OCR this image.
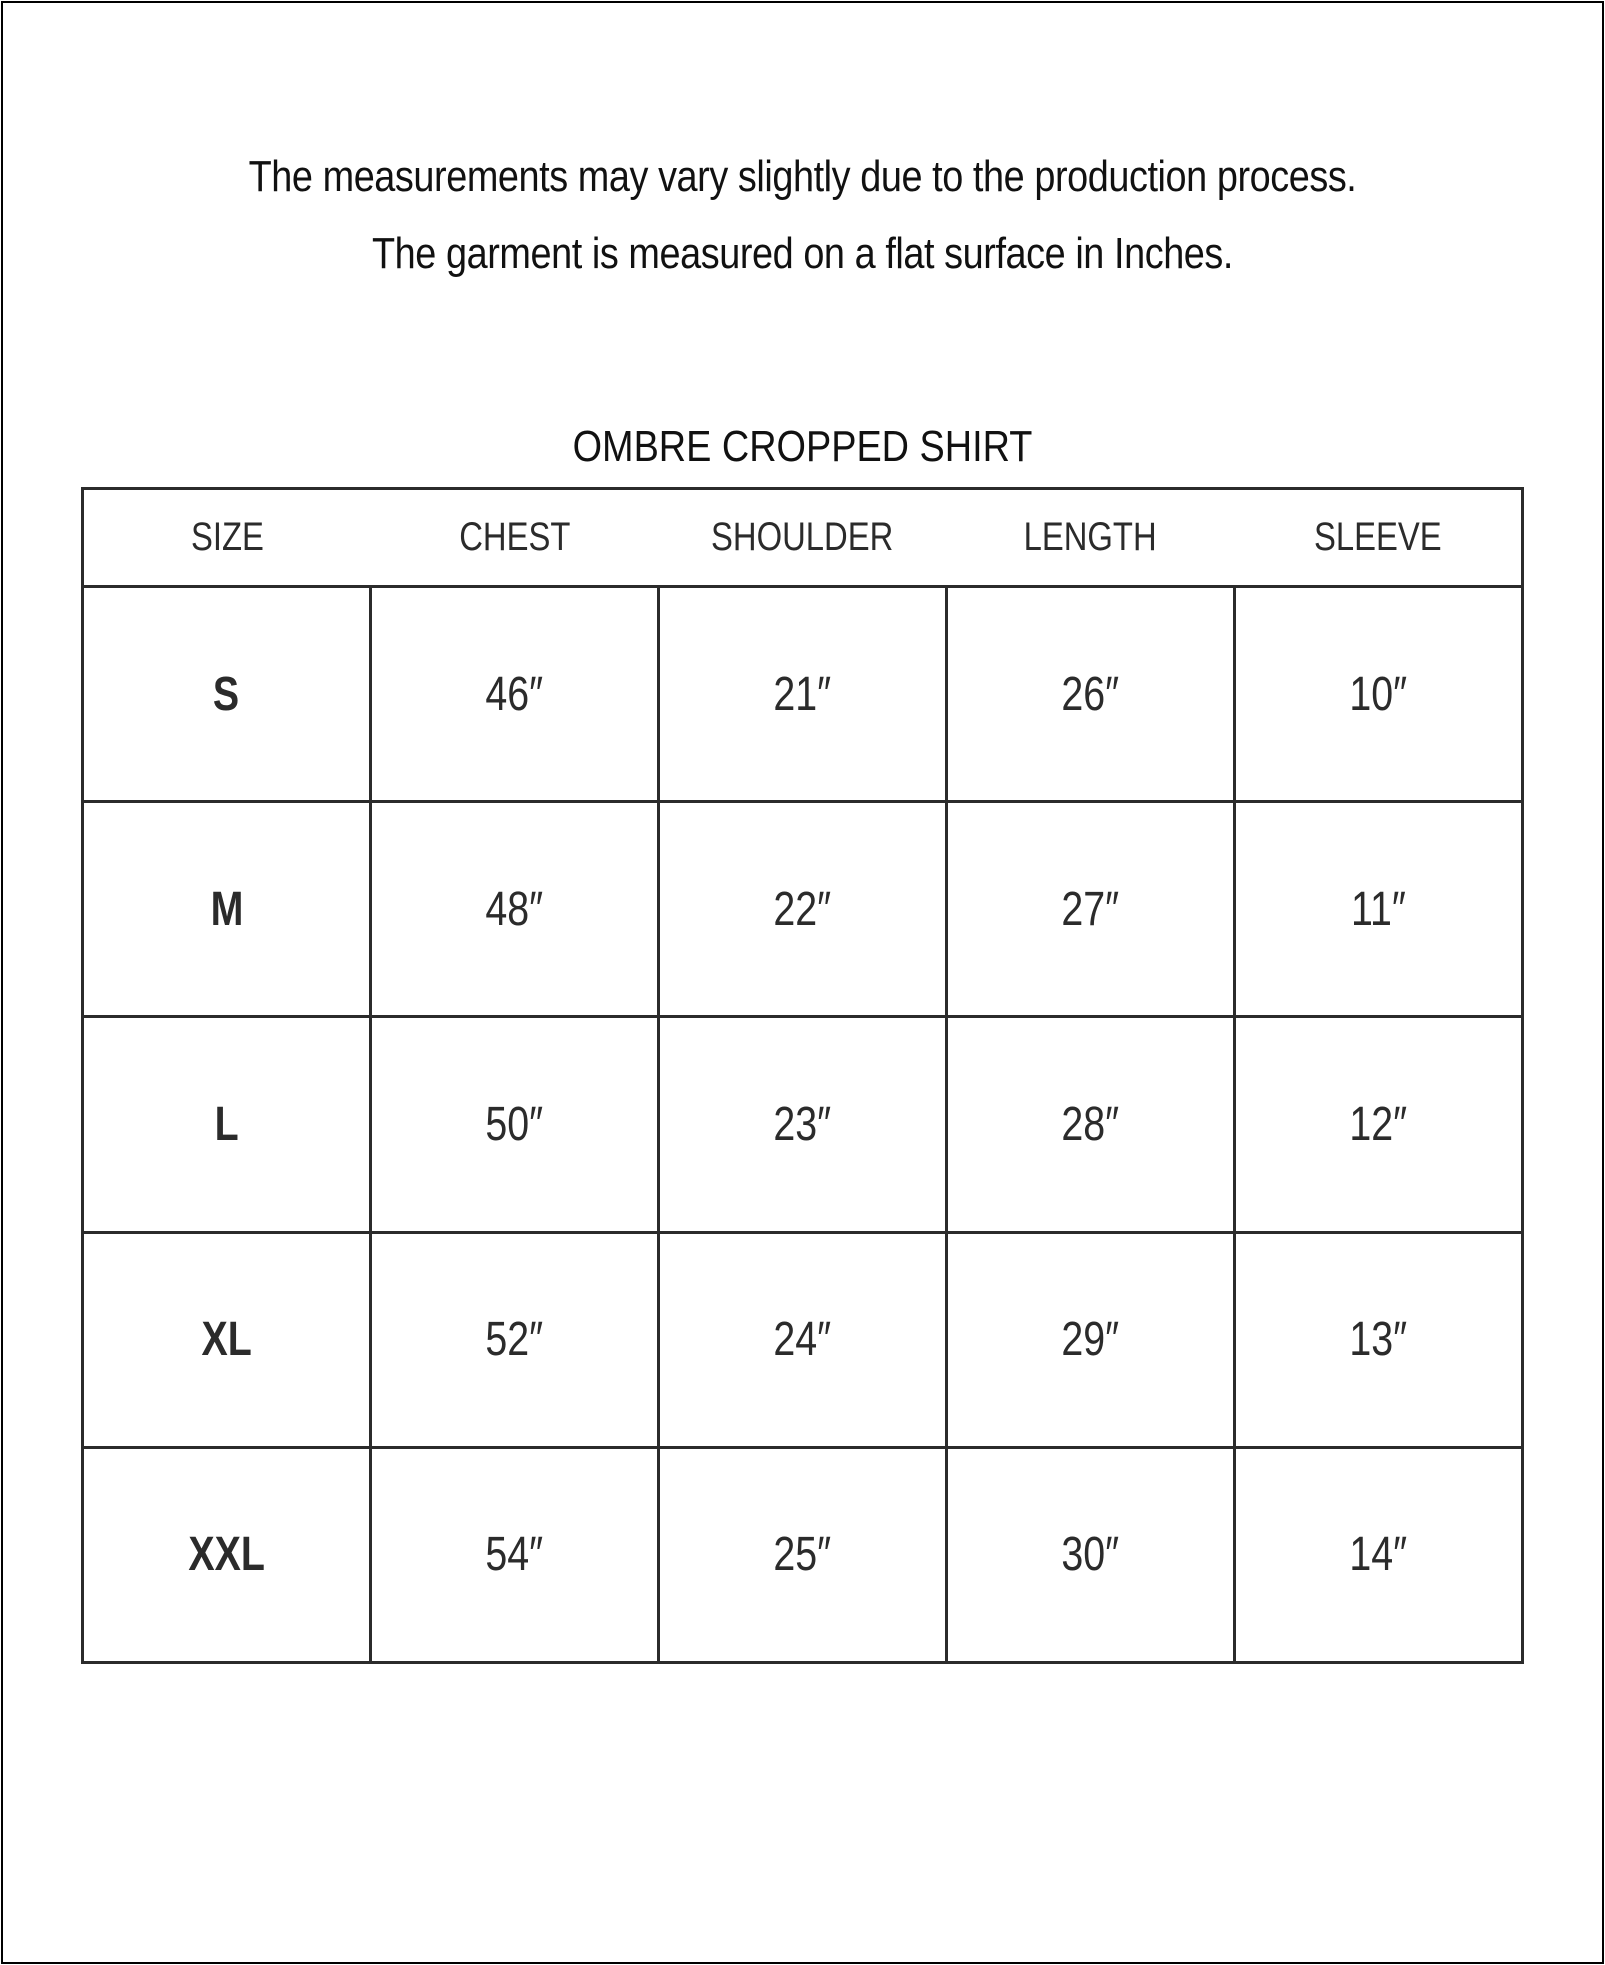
The measurements may vary slightly due to the production process.
The garment is measured on a flat surface in Inches.
OMBRE CROPPED SHIRT
SIZE	CHEST	SHOULDER	LENGTH	SLEEVE
S	46″	21″	26″	10″
M	48″	22″	27″	11″
L	50″	23″	28″	12″
XL	52″	24″	29″	13″
XXL	54″	25″	30″	14″
